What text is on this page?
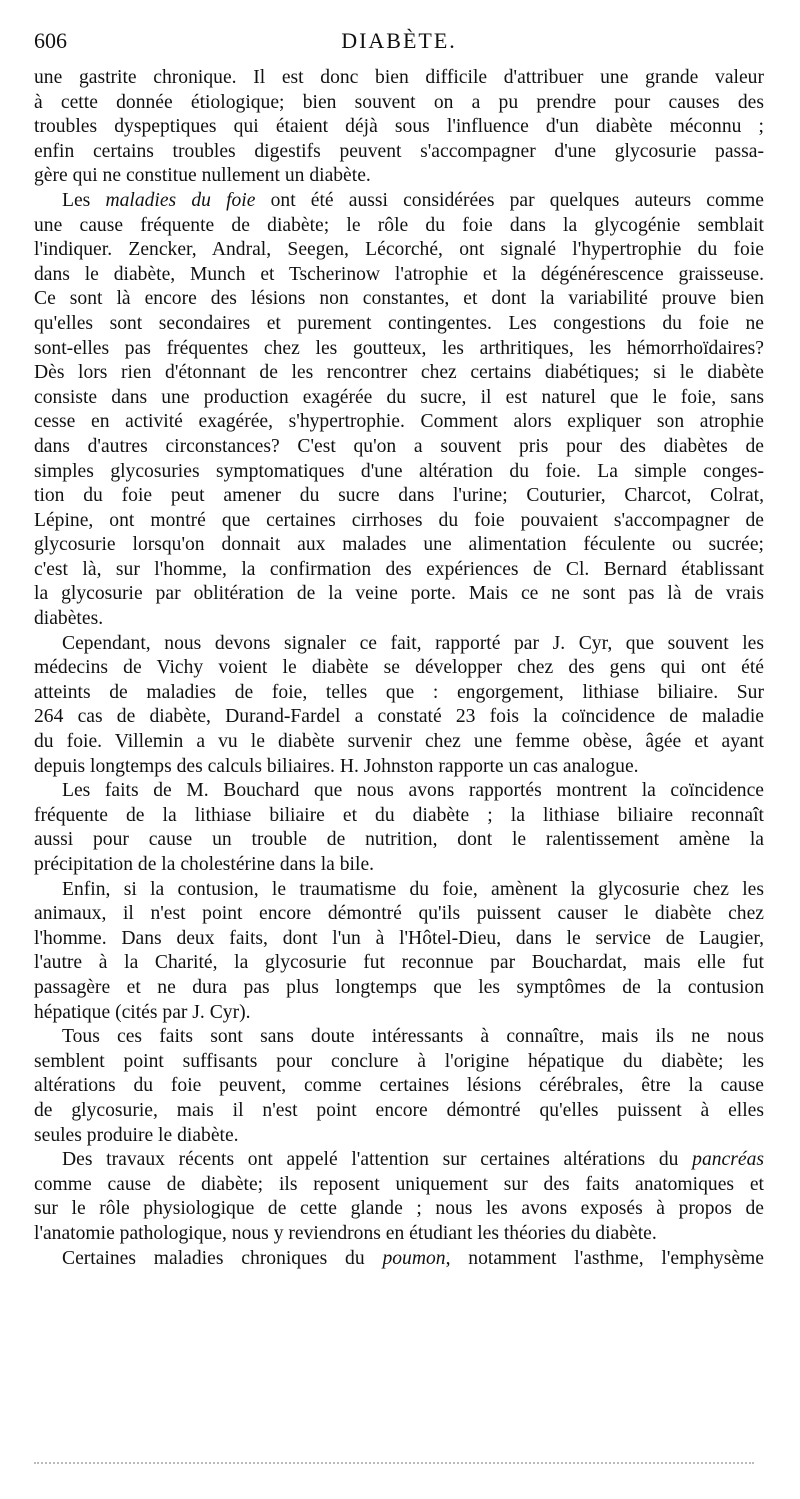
606	DIABÈTE.
une gastrite chronique. Il est donc bien difficile d'attribuer une grande valeur
à cette donnée étiologique; bien souvent on a pu prendre pour causes des
troubles dyspeptiques qui étaient déjà sous l'influence d'un diabète méconnu ;
enfin certains troubles digestifs peuvent s'accompagner d'une glycosurie passa-
gère qui ne constitue nullement un diabète.
Les maladies du foie ont été aussi considérées par quelques auteurs comme
une cause fréquente de diabète; le rôle du foie dans la glycogénie semblait
l'indiquer. Zencker, Andral, Seegen, Lécorché, ont signalé l'hypertrophie du foie
dans le diabète, Munch et Tscherinow l'atrophie et la dégénérescence graisseuse.
Ce sont là encore des lésions non constantes, et dont la variabilité prouve bien
qu'elles sont secondaires et purement contingentes. Les congestions du foie ne
sont-elles pas fréquentes chez les goutteux, les arthritiques, les hémorrhoïdaires?
Dès lors rien d'étonnant de les rencontrer chez certains diabétiques; si le diabète
consiste dans une production exagérée du sucre, il est naturel que le foie, sans
cesse en activité exagérée, s'hypertrophie. Comment alors expliquer son atrophie
dans d'autres circonstances? C'est qu'on a souvent pris pour des diabètes de
simples glycosuries symptomatiques d'une altération du foie. La simple conges-
tion du foie peut amener du sucre dans l'urine; Couturier, Charcot, Colrat,
Lépine, ont montré que certaines cirrhoses du foie pouvaient s'accompagner de
glycosurie lorsqu'on donnait aux malades une alimentation féculente ou sucrée;
c'est là, sur l'homme, la confirmation des expériences de Cl. Bernard établissant
la glycosurie par oblitération de la veine porte. Mais ce ne sont pas là de vrais
diabètes.
Cependant, nous devons signaler ce fait, rapporté par J. Cyr, que souvent les
médecins de Vichy voient le diabète se développer chez des gens qui ont été
atteints de maladies de foie, telles que : engorgement, lithiase biliaire. Sur
264 cas de diabète, Durand-Fardel a constaté 23 fois la coïncidence de maladie
du foie. Villemin a vu le diabète survenir chez une femme obèse, âgée et ayant
depuis longtemps des calculs biliaires. H. Johnston rapporte un cas analogue.
Les faits de M. Bouchard que nous avons rapportés montrent la coïncidence
fréquente de la lithiase biliaire et du diabète ; la lithiase biliaire reconnaît
aussi pour cause un trouble de nutrition, dont le ralentissement amène la
précipitation de la cholestérine dans la bile.
Enfin, si la contusion, le traumatisme du foie, amènent la glycosurie chez les
animaux, il n'est point encore démontré qu'ils puissent causer le diabète chez
l'homme. Dans deux faits, dont l'un à l'Hôtel-Dieu, dans le service de Laugier,
l'autre à la Charité, la glycosurie fut reconnue par Bouchardat, mais elle fut
passagère et ne dura pas plus longtemps que les symptômes de la contusion
hépatique (cités par J. Cyr).
Tous ces faits sont sans doute intéressants à connaître, mais ils ne nous
semblent point suffisants pour conclure à l'origine hépatique du diabète; les
altérations du foie peuvent, comme certaines lésions cérébrales, être la cause
de glycosurie, mais il n'est point encore démontré qu'elles puissent à elles
seules produire le diabète.
Des travaux récents ont appelé l'attention sur certaines altérations du pancréas
comme cause de diabète; ils reposent uniquement sur des faits anatomiques et
sur le rôle physiologique de cette glande ; nous les avons exposés à propos de
l'anatomie pathologique, nous y reviendrons en étudiant les théories du diabète.
Certaines maladies chroniques du poumon, notamment l'asthme, l'emphysème
